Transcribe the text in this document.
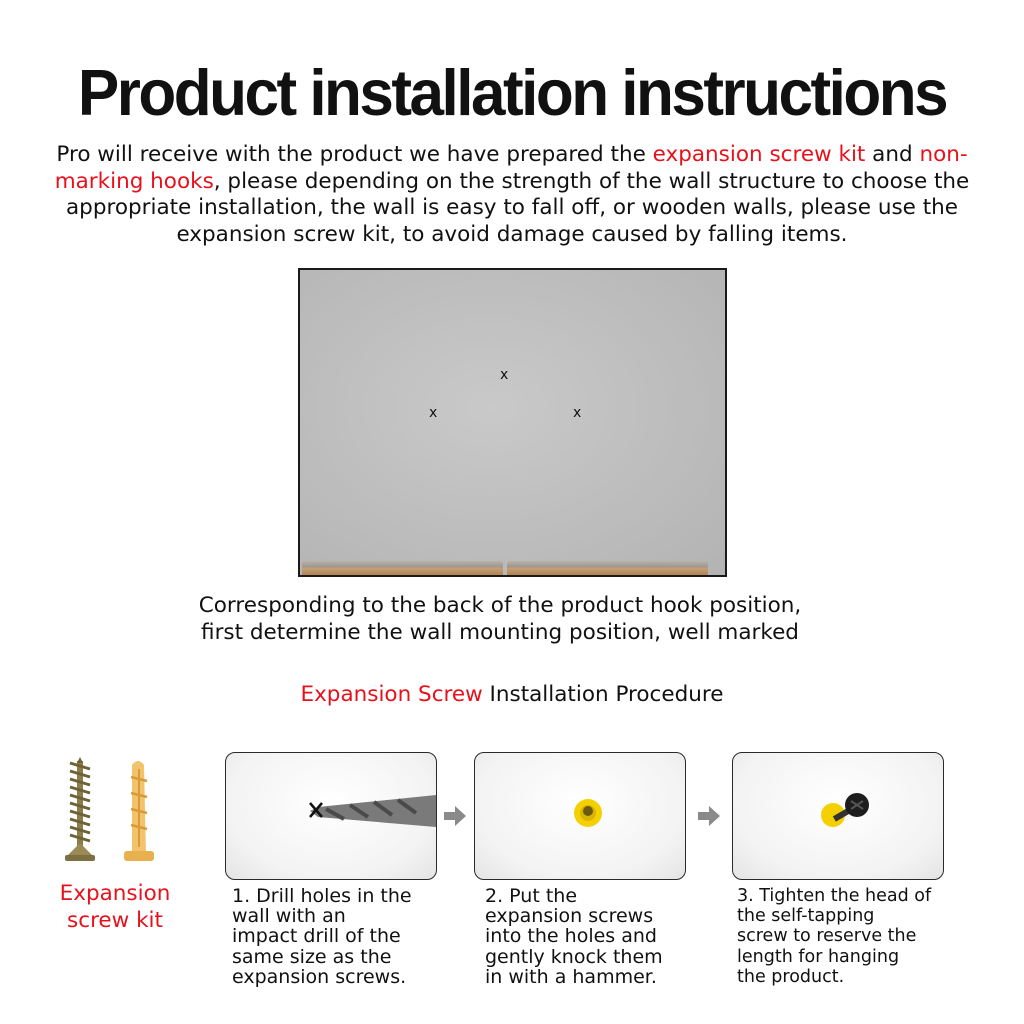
Product installation instructions
Pro will receive with the product we have prepared the expansion screw kit and non-marking hooks, please depending on the strength of the wall structure to choose the appropriate installation, the wall is easy to fall off, or wooden walls, please use the expansion screw kit, to avoid damage caused by falling items.
x
x	x
Corresponding to the back of the product hook position,
first determine the wall mounting position, well marked
Expansion Screw Installation Procedure
Expansion
screw kit
1. Drill holes in the
wall with an
impact drill of the
same size as the
expansion screws.
2. Put the
expansion screws
into the holes and
gently knock them
in with a hammer.
3. Tighten the head of
the self-tapping
screw to reserve the
length for hanging
the product.
